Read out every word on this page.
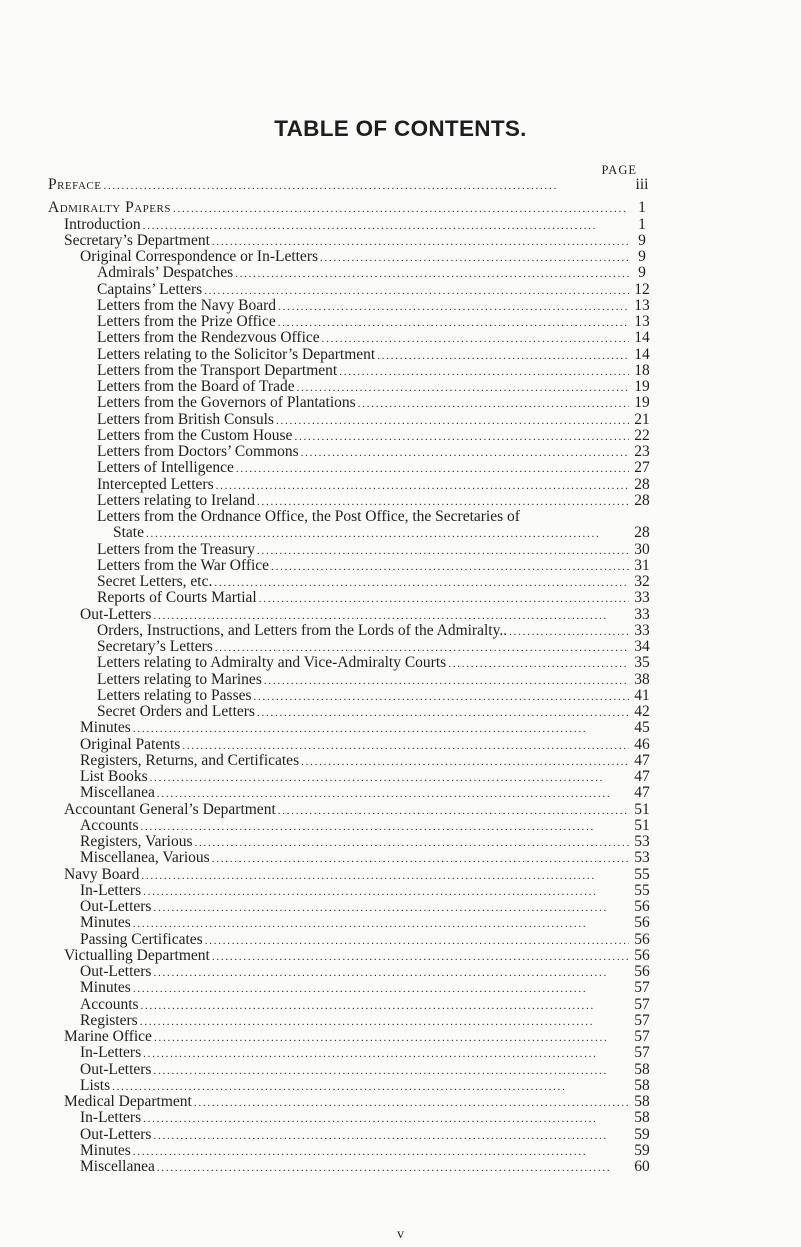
TABLE OF CONTENTS.
PAGE
Preface . . .	iii
Admiralty Papers . . .	1
Introduction . . .	1
Secretary’s Department . . .	9
Original Correspondence or In-Letters . . .	9
Admirals’ Despatches . . .	9
Captains’ Letters . . .	12
Letters from the Navy Board . . .	13
Letters from the Prize Office . . .	13
Letters from the Rendezvous Office . . .	14
Letters relating to the Solicitor’s Department . . .	14
Letters from the Transport Department . . .	18
Letters from the Board of Trade . . .	19
Letters from the Governors of Plantations . . .	19
Letters from British Consuls . . .	21
Letters from the Custom House . . .	22
Letters from Doctors’ Commons . . .	23
Letters of Intelligence . . .	27
Intercepted Letters . . .	28
Letters relating to Ireland . . .	28
Letters from the Ordnance Office, the Post Office, the Secretaries of
State . . .	28
Letters from the Treasury . . .	30
Letters from the War Office . . .	31
Secret Letters, etc. . . .	32
Reports of Courts Martial . . .	33
Out-Letters . . .	33
Orders, Instructions, and Letters from the Lords of the Admiralty.. . . .	33
Secretary’s Letters . . .	34
Letters relating to Admiralty and Vice-Admiralty Courts . . .	35
Letters relating to Marines . . .	38
Letters relating to Passes . . .	41
Secret Orders and Letters . . .	42
Minutes . . .	45
Original Patents . . .	46
Registers, Returns, and Certificates . . .	47
List Books . . .	47
Miscellanea . . .	47
Accountant General’s Department . . .	51
Accounts . . .	51
Registers, Various . . .	53
Miscellanea, Various . . .	53
Navy Board . . .	55
In-Letters . . .	55
Out-Letters . . .	56
Minutes . . .	56
Passing Certificates . . .	56
Victualling Department . . .	56
Out-Letters . . .	56
Minutes . . .	57
Accounts . . .	57
Registers . . .	57
Marine Office . . .	57
In-Letters . . .	57
Out-Letters . . .	58
Lists . . .	58
Medical Department . . .	58
In-Letters . . .	58
Out-Letters . . .	59
Minutes . . .	59
Miscellanea . . .	60
v
